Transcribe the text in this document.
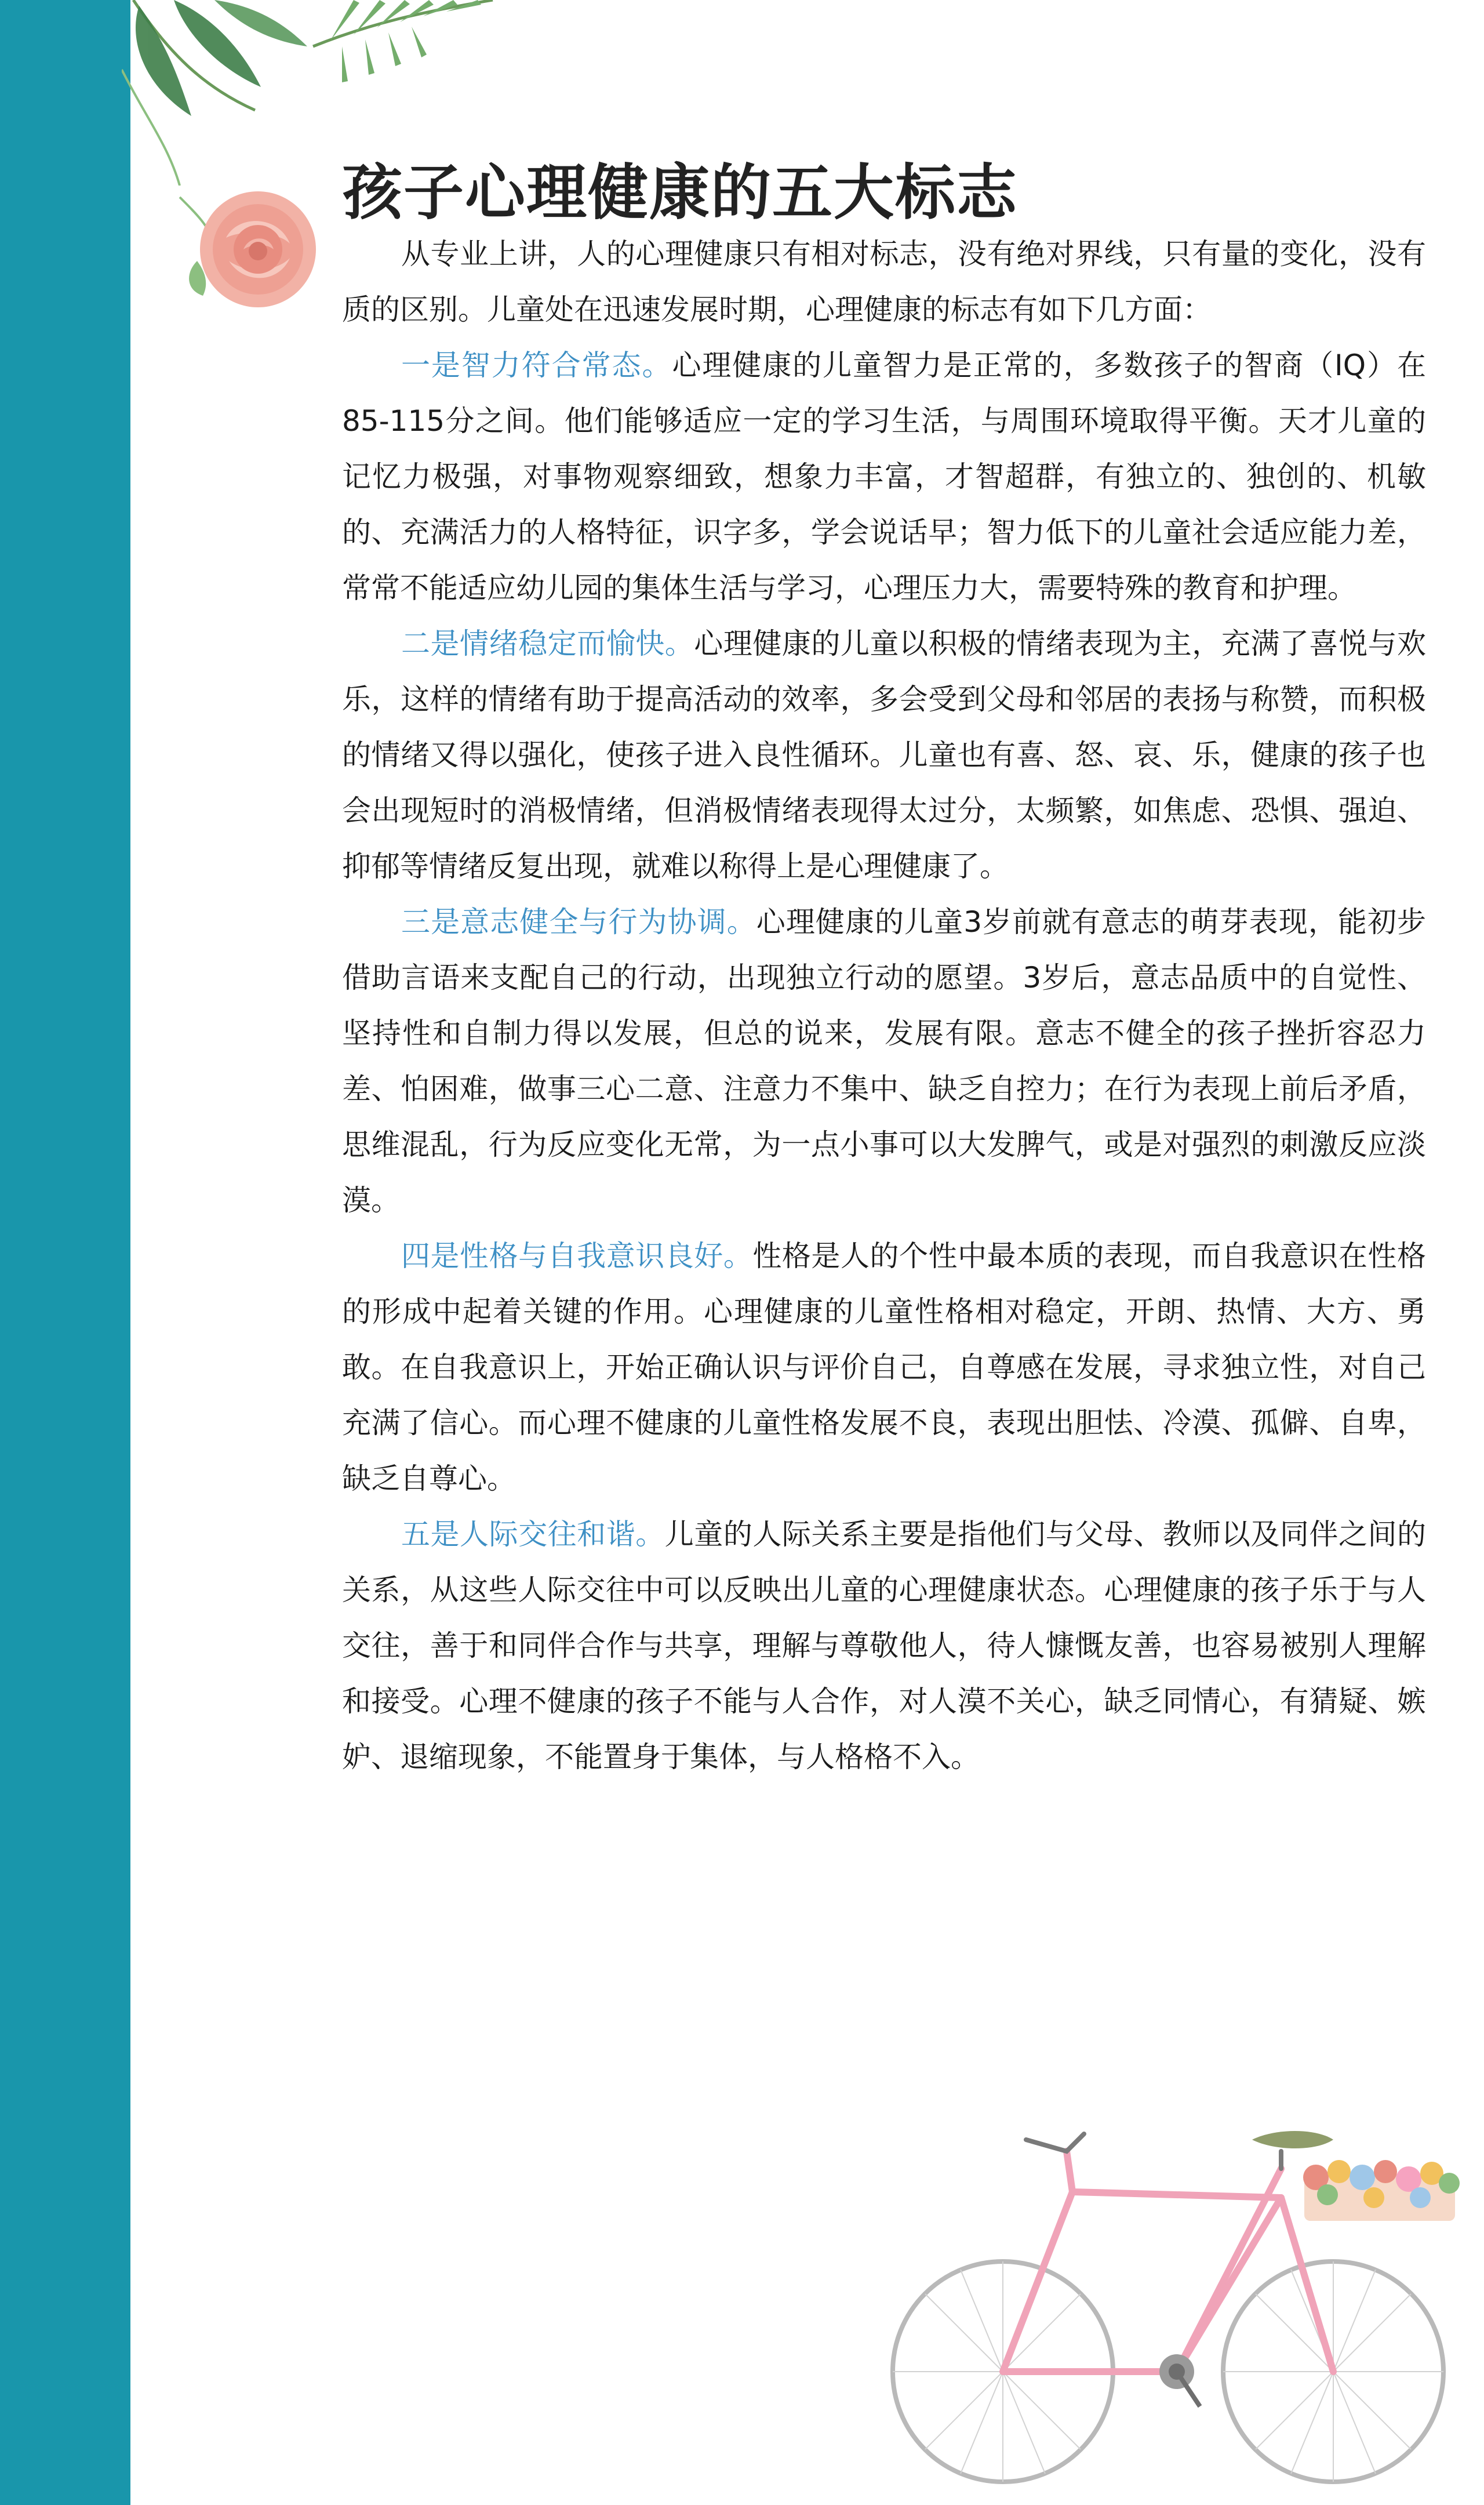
孩子心理健康的五大标志

从专业上讲，人的心理健康只有相对标志，没有绝对界线，只有量的变化，没有质的区别。儿童处在迅速发展时期，心理健康的标志有如下几方面：

一是智力符合常态。心理健康的儿童智力是正常的，多数孩子的智商（IQ）在85-115分之间。他们能够适应一定的学习生活，与周围环境取得平衡。天才儿童的记忆力极强，对事物观察细致，想象力丰富，才智超群，有独立的、独创的、机敏的、充满活力的人格特征，识字多，学会说话早；智力低下的儿童社会适应能力差，常常不能适应幼儿园的集体生活与学习，心理压力大，需要特殊的教育和护理。

二是情绪稳定而愉快。心理健康的儿童以积极的情绪表现为主，充满了喜悦与欢乐，这样的情绪有助于提高活动的效率，多会受到父母和邻居的表扬与称赞，而积极的情绪又得以强化，使孩子进入良性循环。儿童也有喜、怒、哀、乐，健康的孩子也会出现短时的消极情绪，但消极情绪表现得太过分，太频繁，如焦虑、恐惧、强迫、抑郁等情绪反复出现，就难以称得上是心理健康了。

三是意志健全与行为协调。心理健康的儿童3岁前就有意志的萌芽表现，能初步借助言语来支配自己的行动，出现独立行动的愿望。3岁后，意志品质中的自觉性、坚持性和自制力得以发展，但总的说来，发展有限。意志不健全的孩子挫折容忍力差、怕困难，做事三心二意、注意力不集中、缺乏自控力；在行为表现上前后矛盾，思维混乱，行为反应变化无常，为一点小事可以大发脾气，或是对强烈的刺激反应淡漠。

四是性格与自我意识良好。性格是人的个性中最本质的表现，而自我意识在性格的形成中起着关键的作用。心理健康的儿童性格相对稳定，开朗、热情、大方、勇敢。在自我意识上，开始正确认识与评价自己，自尊感在发展，寻求独立性，对自己充满了信心。而心理不健康的儿童性格发展不良，表现出胆怯、冷漠、孤僻、自卑，缺乏自尊心。

五是人际交往和谐。儿童的人际关系主要是指他们与父母、教师以及同伴之间的关系，从这些人际交往中可以反映出儿童的心理健康状态。心理健康的孩子乐于与人交往，善于和同伴合作与共享，理解与尊敬他人，待人慷慨友善，也容易被别人理解和接受。心理不健康的孩子不能与人合作，对人漠不关心，缺乏同情心，有猜疑、嫉妒、退缩现象，不能置身于集体，与人格格不入。
